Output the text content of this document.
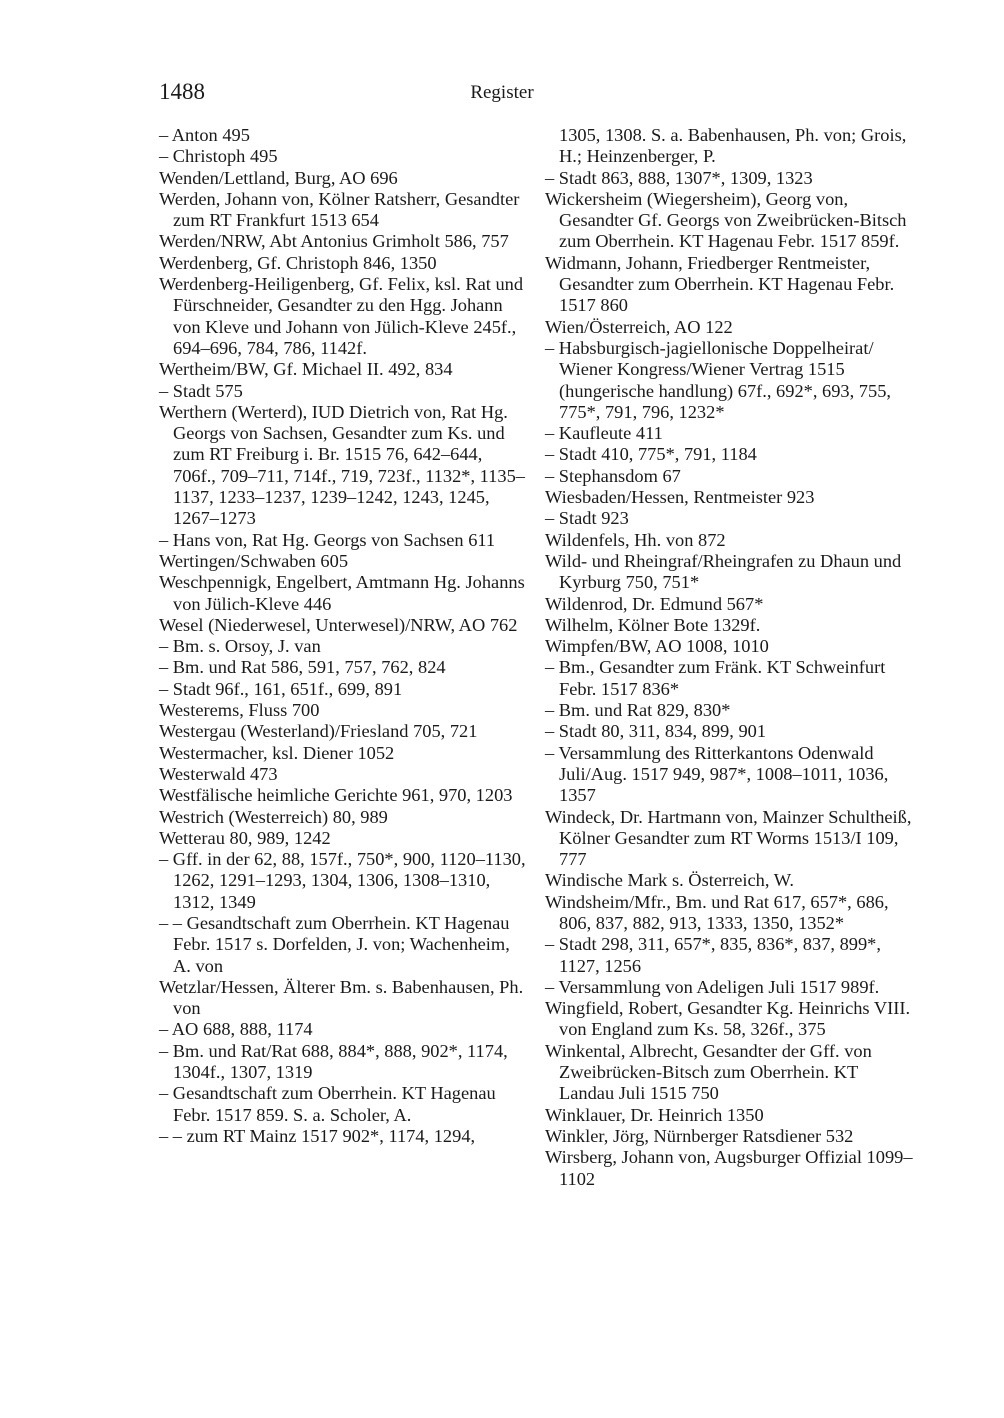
1488	Register
– Anton 495
– Christoph 495
Wenden/Lettland, Burg, AO 696
Werden, Johann von, Kölner Ratsherr, Gesandter zum RT Frankfurt 1513 654
Werden/NRW, Abt Antonius Grimholt 586, 757
Werdenberg, Gf. Christoph 846, 1350
Werdenberg-Heiligenberg, Gf. Felix, ksl. Rat und Fürschneider, Gesandter zu den Hgg. Johann von Kleve und Johann von Jülich-Kleve 245f., 694–696, 784, 786, 1142f.
Wertheim/BW, Gf. Michael II. 492, 834
– Stadt 575
Werthern (Werterd), IUD Dietrich von, Rat Hg. Georgs von Sachsen, Gesandter zum Ks. und zum RT Freiburg i. Br. 1515 76, 642–644, 706f., 709–711, 714f., 719, 723f., 1132*, 1135–1137, 1233–1237, 1239–1242, 1243, 1245, 1267–1273
– Hans von, Rat Hg. Georgs von Sachsen 611
Wertingen/Schwaben 605
Weschpennigk, Engelbert, Amtmann Hg. Johanns von Jülich-Kleve 446
Wesel (Niederwesel, Unterwesel)/NRW, AO 762
– Bm. s. Orsoy, J. van
– Bm. und Rat 586, 591, 757, 762, 824
– Stadt 96f., 161, 651f., 699, 891
Westerems, Fluss 700
Westergau (Westerland)/Friesland 705, 721
Westermacher, ksl. Diener 1052
Westerwald 473
Westfälische heimliche Gerichte 961, 970, 1203
Westrich (Westerreich) 80, 989
Wetterau 80, 989, 1242
– Gff. in der 62, 88, 157f., 750*, 900, 1120–1130, 1262, 1291–1293, 1304, 1306, 1308–1310, 1312, 1349
– – Gesandtschaft zum Oberrhein. KT Hagenau Febr. 1517 s. Dorfelden, J. von; Wachenheim, A. von
Wetzlar/Hessen, Älterer Bm. s. Babenhausen, Ph. von
– AO 688, 888, 1174
– Bm. und Rat/Rat 688, 884*, 888, 902*, 1174, 1304f., 1307, 1319
– Gesandtschaft zum Oberrhein. KT Hagenau Febr. 1517 859. S. a. Scholer, A.
– – zum RT Mainz 1517 902*, 1174, 1294,
1305, 1308. S. a. Babenhausen, Ph. von; Grois, H.; Heinzenberger, P.
– Stadt 863, 888, 1307*, 1309, 1323
Wickersheim (Wiegersheim), Georg von, Gesandter Gf. Georgs von Zweibrücken-Bitsch zum Oberrhein. KT Hagenau Febr. 1517 859f.
Widmann, Johann, Friedberger Rentmeister, Gesandter zum Oberrhein. KT Hagenau Febr. 1517 860
Wien/Österreich, AO 122
– Habsburgisch-jagiellonische Doppelheirat/ Wiener Kongress/Wiener Vertrag 1515 (hungerische handlung) 67f., 692*, 693, 755, 775*, 791, 796, 1232*
– Kaufleute 411
– Stadt 410, 775*, 791, 1184
– Stephansdom 67
Wiesbaden/Hessen, Rentmeister 923
– Stadt 923
Wildenfels, Hh. von 872
Wild- und Rheingraf/Rheingrafen zu Dhaun und Kyrburg 750, 751*
Wildenrod, Dr. Edmund 567*
Wilhelm, Kölner Bote 1329f.
Wimpfen/BW, AO 1008, 1010
– Bm., Gesandter zum Fränk. KT Schweinfurt Febr. 1517 836*
– Bm. und Rat 829, 830*
– Stadt 80, 311, 834, 899, 901
– Versammlung des Ritterkantons Odenwald Juli/Aug. 1517 949, 987*, 1008–1011, 1036, 1357
Windeck, Dr. Hartmann von, Mainzer Schultheiß, Kölner Gesandter zum RT Worms 1513/I 109, 777
Windische Mark s. Österreich, W.
Windsheim/Mfr., Bm. und Rat 617, 657*, 686, 806, 837, 882, 913, 1333, 1350, 1352*
– Stadt 298, 311, 657*, 835, 836*, 837, 899*, 1127, 1256
– Versammlung von Adeligen Juli 1517 989f.
Wingfield, Robert, Gesandter Kg. Heinrichs VIII. von England zum Ks. 58, 326f., 375
Winkental, Albrecht, Gesandter der Gff. von Zweibrücken-Bitsch zum Oberrhein. KT Landau Juli 1515 750
Winklauer, Dr. Heinrich 1350
Winkler, Jörg, Nürnberger Ratsdiener 532
Wirsberg, Johann von, Augsburger Offizial 1099–1102
